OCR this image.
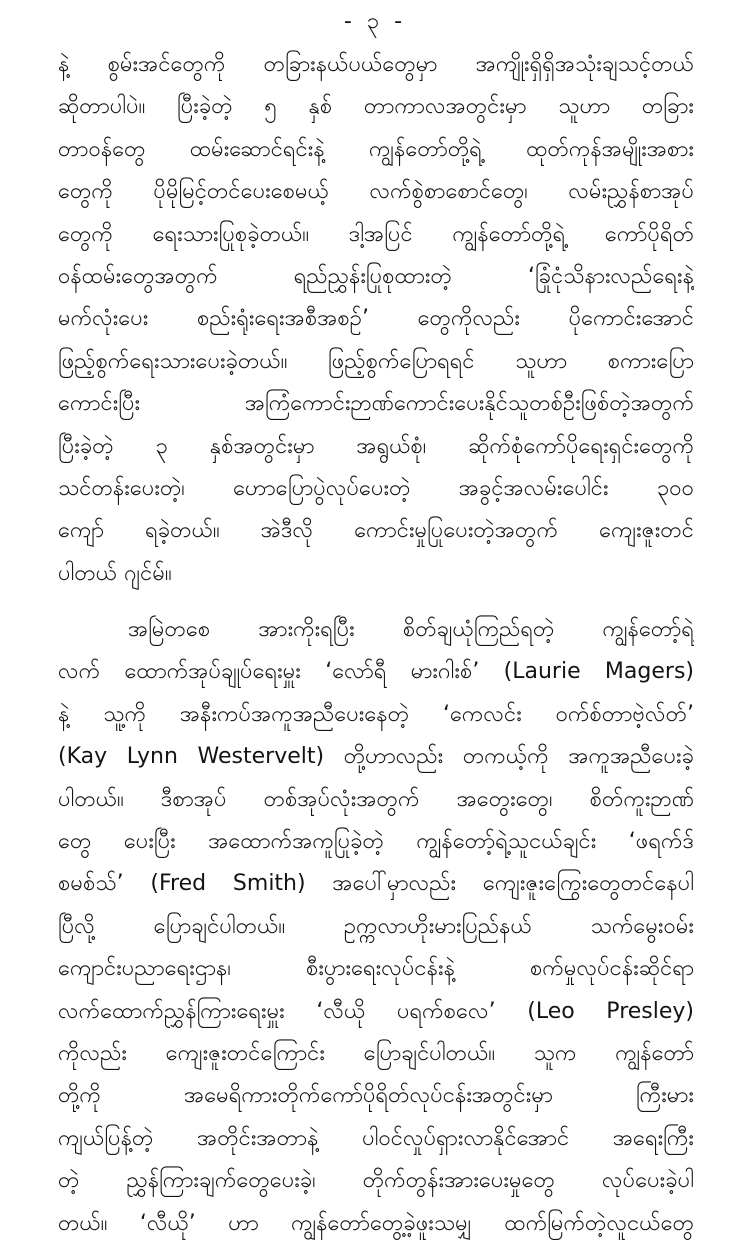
- ၃ -
နဲ့ စွမ်းအင်တွေကို တခြားနယ်ပယ်တွေမှာ အကျိုးရှိရှိအသုံးချသင့်တယ်
ဆိုတာပါပဲ။ ပြီးခဲ့တဲ့ ၅ နှစ် တာကာလအတွင်းမှာ သူဟာ တခြား
တာဝန်တွေ ထမ်းဆောင်ရင်းနဲ့ ကျွန်တော်တို့ရဲ့ ထုတ်ကုန်အမျိုးအစား
တွေကို ပိုမိုမြင့်တင်ပေးစေမယ့် လက်စွဲစာစောင်တွေ၊ လမ်းညွှန်စာအုပ်
တွေကို ရေးသားပြုစုခဲ့တယ်။ ဒါ့အပြင် ကျွန်တော်တို့ရဲ့ ကော်ပိုရိတ်
ဝန်ထမ်းတွေအတွက် ရည်ညွှန်းပြုစုထားတဲ့ ‘ခြုံငုံသိနားလည်ရေးနဲ့
မက်လုံးပေး စည်းရုံးရေးအစီအစဉ်’ တွေကိုလည်း ပိုကောင်းအောင်
ဖြည့်စွက်ရေးသားပေးခဲ့တယ်။ ဖြည့်စွက်ပြောရရင် သူဟာ စကားပြော
ကောင်းပြီး အကြံကောင်းဉာဏ်ကောင်းပေးနိုင်သူတစ်ဦးဖြစ်တဲ့အတွက်
ပြီးခဲ့တဲ့ ၃ နှစ်အတွင်းမှာ အရွယ်စုံ၊ ဆိုက်စုံကော်ပိုရေးရှင်းတွေကို
သင်တန်းပေးတဲ့၊ ဟောပြောပွဲလုပ်ပေးတဲ့ အခွင့်အလမ်းပေါင်း ၃၀၀
ကျော် ရခဲ့တယ်။ အဲဒီလို ကောင်းမှုပြုပေးတဲ့အတွက် ကျေးဇူးတင်
ပါတယ် ဂျင်မ်။
အမြဲတစေ အားကိုးရပြီး စိတ်ချယုံကြည်ရတဲ့ ကျွန်တော့်ရဲ့
လက် ထောက်အုပ်ချုပ်ရေးမှူး ‘လော်ရီ မားဂါးစ်’ (Laurie Magers)
နဲ့ သူ့ကို အနီးကပ်အကူအညီပေးနေတဲ့ ‘ကေလင်း ဝက်စ်တာဗဲ့လ်တ်’
(Kay Lynn Westervelt) တို့ဟာလည်း တကယ့်ကို အကူအညီပေးခဲ့
ပါတယ်။ ဒီစာအုပ် တစ်အုပ်လုံးအတွက် အတွေးတွေ၊ စိတ်ကူးဉာဏ်
တွေ ပေးပြီး အထောက်အကူပြုခဲ့တဲ့ ကျွန်တော့်ရဲ့သူငယ်ချင်း ‘ဖရက်ဒ်
စမစ်သ်’ (Fred Smith) အပေါ်မှာလည်း ကျေးဇူးကြွေးတွေတင်နေပါ
ပြီလို့ ပြောချင်ပါတယ်။ ဥက္ကလာဟိုးမားပြည်နယ် သက်မွေးဝမ်း
ကျောင်းပညာရေးဌာန၊ စီးပွားရေးလုပ်ငန်းနဲ့ စက်မှုလုပ်ငန်းဆိုင်ရာ
လက်ထောက်ညွှန်ကြားရေးမှူး ‘လီယို ပရက်စလေ’ (Leo Presley)
ကိုလည်း ကျေးဇူးတင်ကြောင်း ပြောချင်ပါတယ်။ သူက ကျွန်တော်
တို့ကို အမေရိကားတိုက်ကော်ပိုရိတ်လုပ်ငန်းအတွင်းမှာ ကြီးမား
ကျယ်ပြန့်တဲ့ အတိုင်းအတာနဲ့ ပါဝင်လှုပ်ရှားလာနိုင်အောင် အရေးကြီး
တဲ့ ညွှန်ကြားချက်တွေပေးခဲ့၊ တိုက်တွန်းအားပေးမှုတွေ လုပ်ပေးခဲ့ပါ
တယ်။ ‘လီယို’ ဟာ ကျွန်တော်တွေ့ခဲ့ဖူးသမျှ ထက်မြက်တဲ့လူငယ်တွေ
